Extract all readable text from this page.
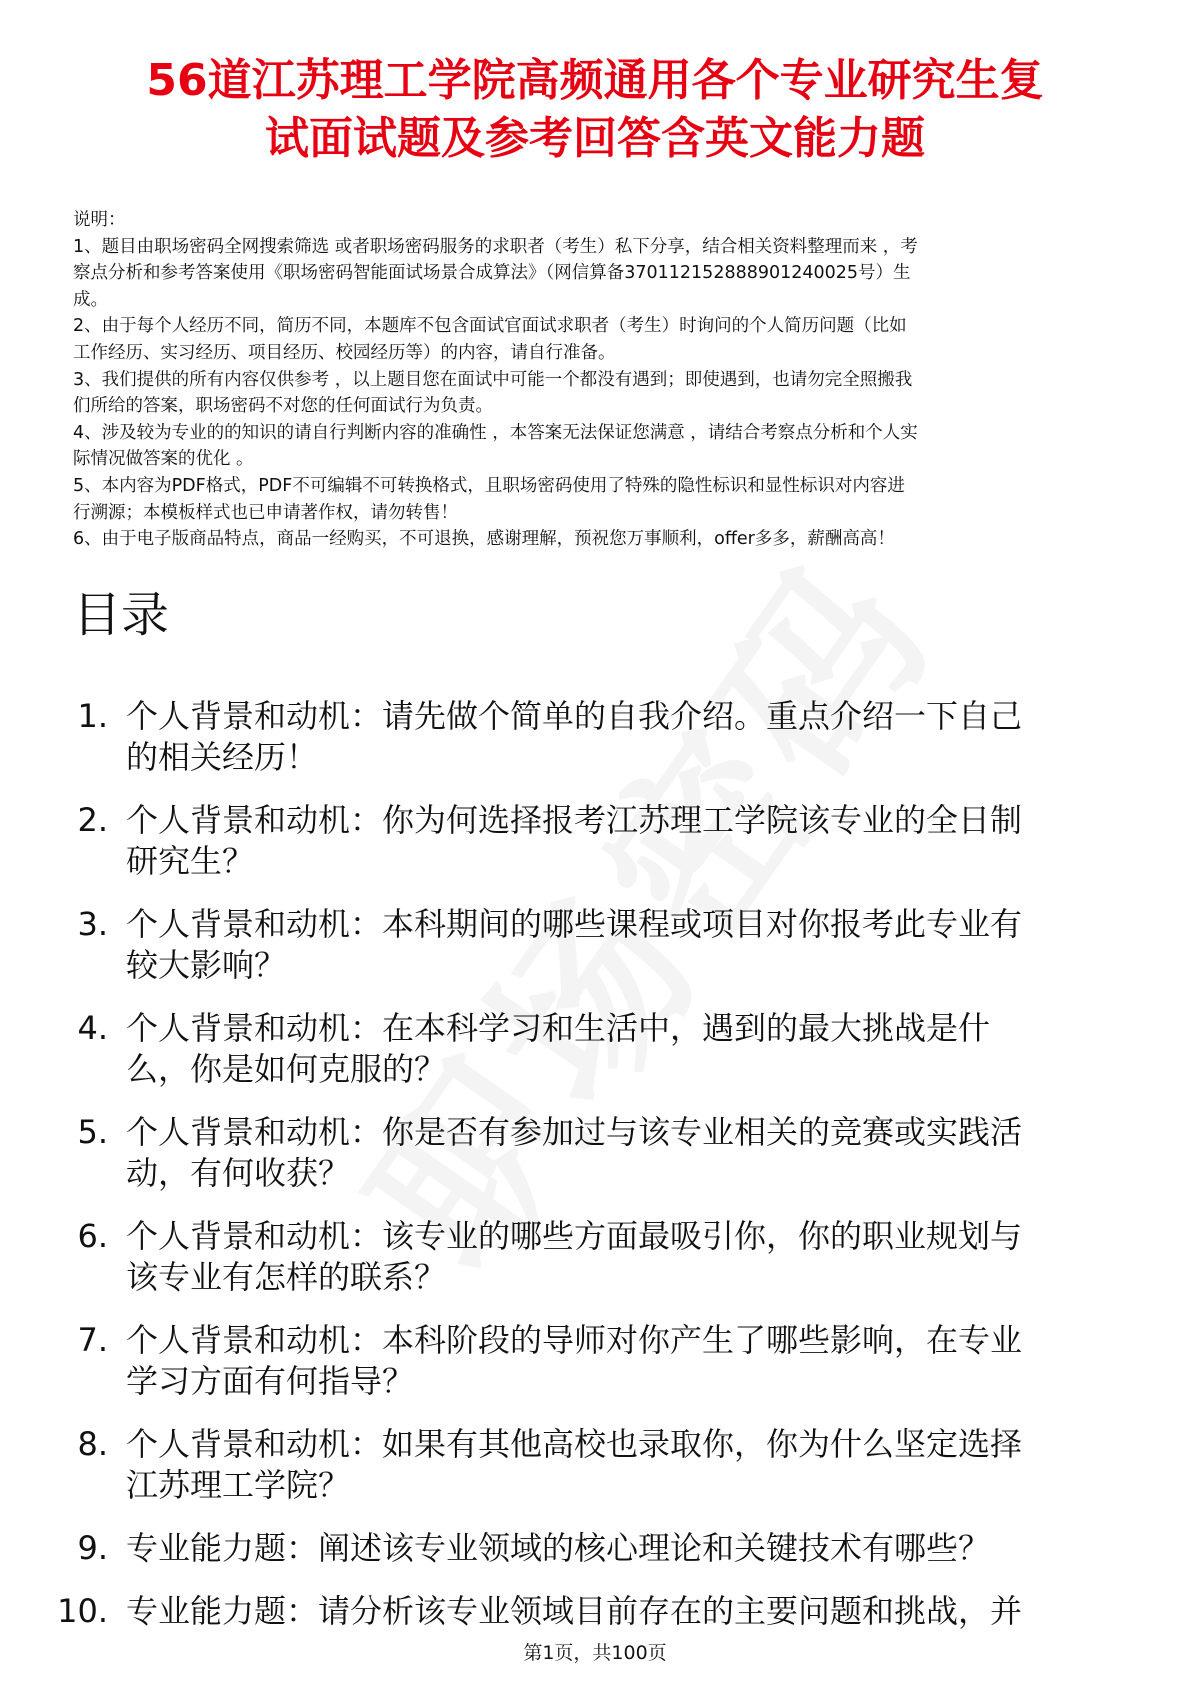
56道江苏理工学院高频通用各个专业研究生复
试面试题及参考回答含英文能力题
说明：
1、题目由职场密码全网搜索筛选 或者职场密码服务的求职者（考生）私下分享，结合相关资料整理而来 ，考
察点分析和参考答案使用《职场密码智能面试场景合成算法》（网信算备370112152888901240025号）生
成。
2、由于每个人经历不同，简历不同，本题库不包含面试官面试求职者（考生）时询问的个人简历问题（比如
工作经历、实习经历、项目经历、校园经历等）的内容，请自行准备。
3、我们提供的所有内容仅供参考 ，以上题目您在面试中可能一个都没有遇到；即使遇到，也请勿完全照搬我
们所给的答案，职场密码不对您的任何面试行为负责。
4、涉及较为专业的的知识的请自行判断内容的准确性 ，本答案无法保证您满意 ，请结合考察点分析和个人实
际情况做答案的优化 。
5、本内容为PDF格式，PDF不可编辑不可转换格式，且职场密码使用了特殊的隐性标识和显性标识对内容进
行溯源；本模板样式也已申请著作权，请勿转售！
6、由于电子版商品特点，商品一经购买，不可退换，感谢理解，预祝您万事顺利，offer多多，薪酬高高！
目录
1. 个人背景和动机：请先做个简单的自我介绍。重点介绍一下自己
的相关经历！
2. 个人背景和动机：你为何选择报考江苏理工学院该专业的全日制
研究生？
3. 个人背景和动机：本科期间的哪些课程或项目对你报考此专业有
较大影响？
4. 个人背景和动机：在本科学习和生活中，遇到的最大挑战是什
么，你是如何克服的？
5. 个人背景和动机：你是否有参加过与该专业相关的竞赛或实践活
动，有何收获？
6. 个人背景和动机：该专业的哪些方面最吸引你，你的职业规划与
该专业有怎样的联系？
7. 个人背景和动机：本科阶段的导师对你产生了哪些影响，在专业
学习方面有何指导？
8. 个人背景和动机：如果有其他高校也录取你，你为什么坚定选择
江苏理工学院？
9. 专业能力题：阐述该专业领域的核心理论和关键技术有哪些？
10. 专业能力题：请分析该专业领域目前存在的主要问题和挑战，并
第1页，共100页
